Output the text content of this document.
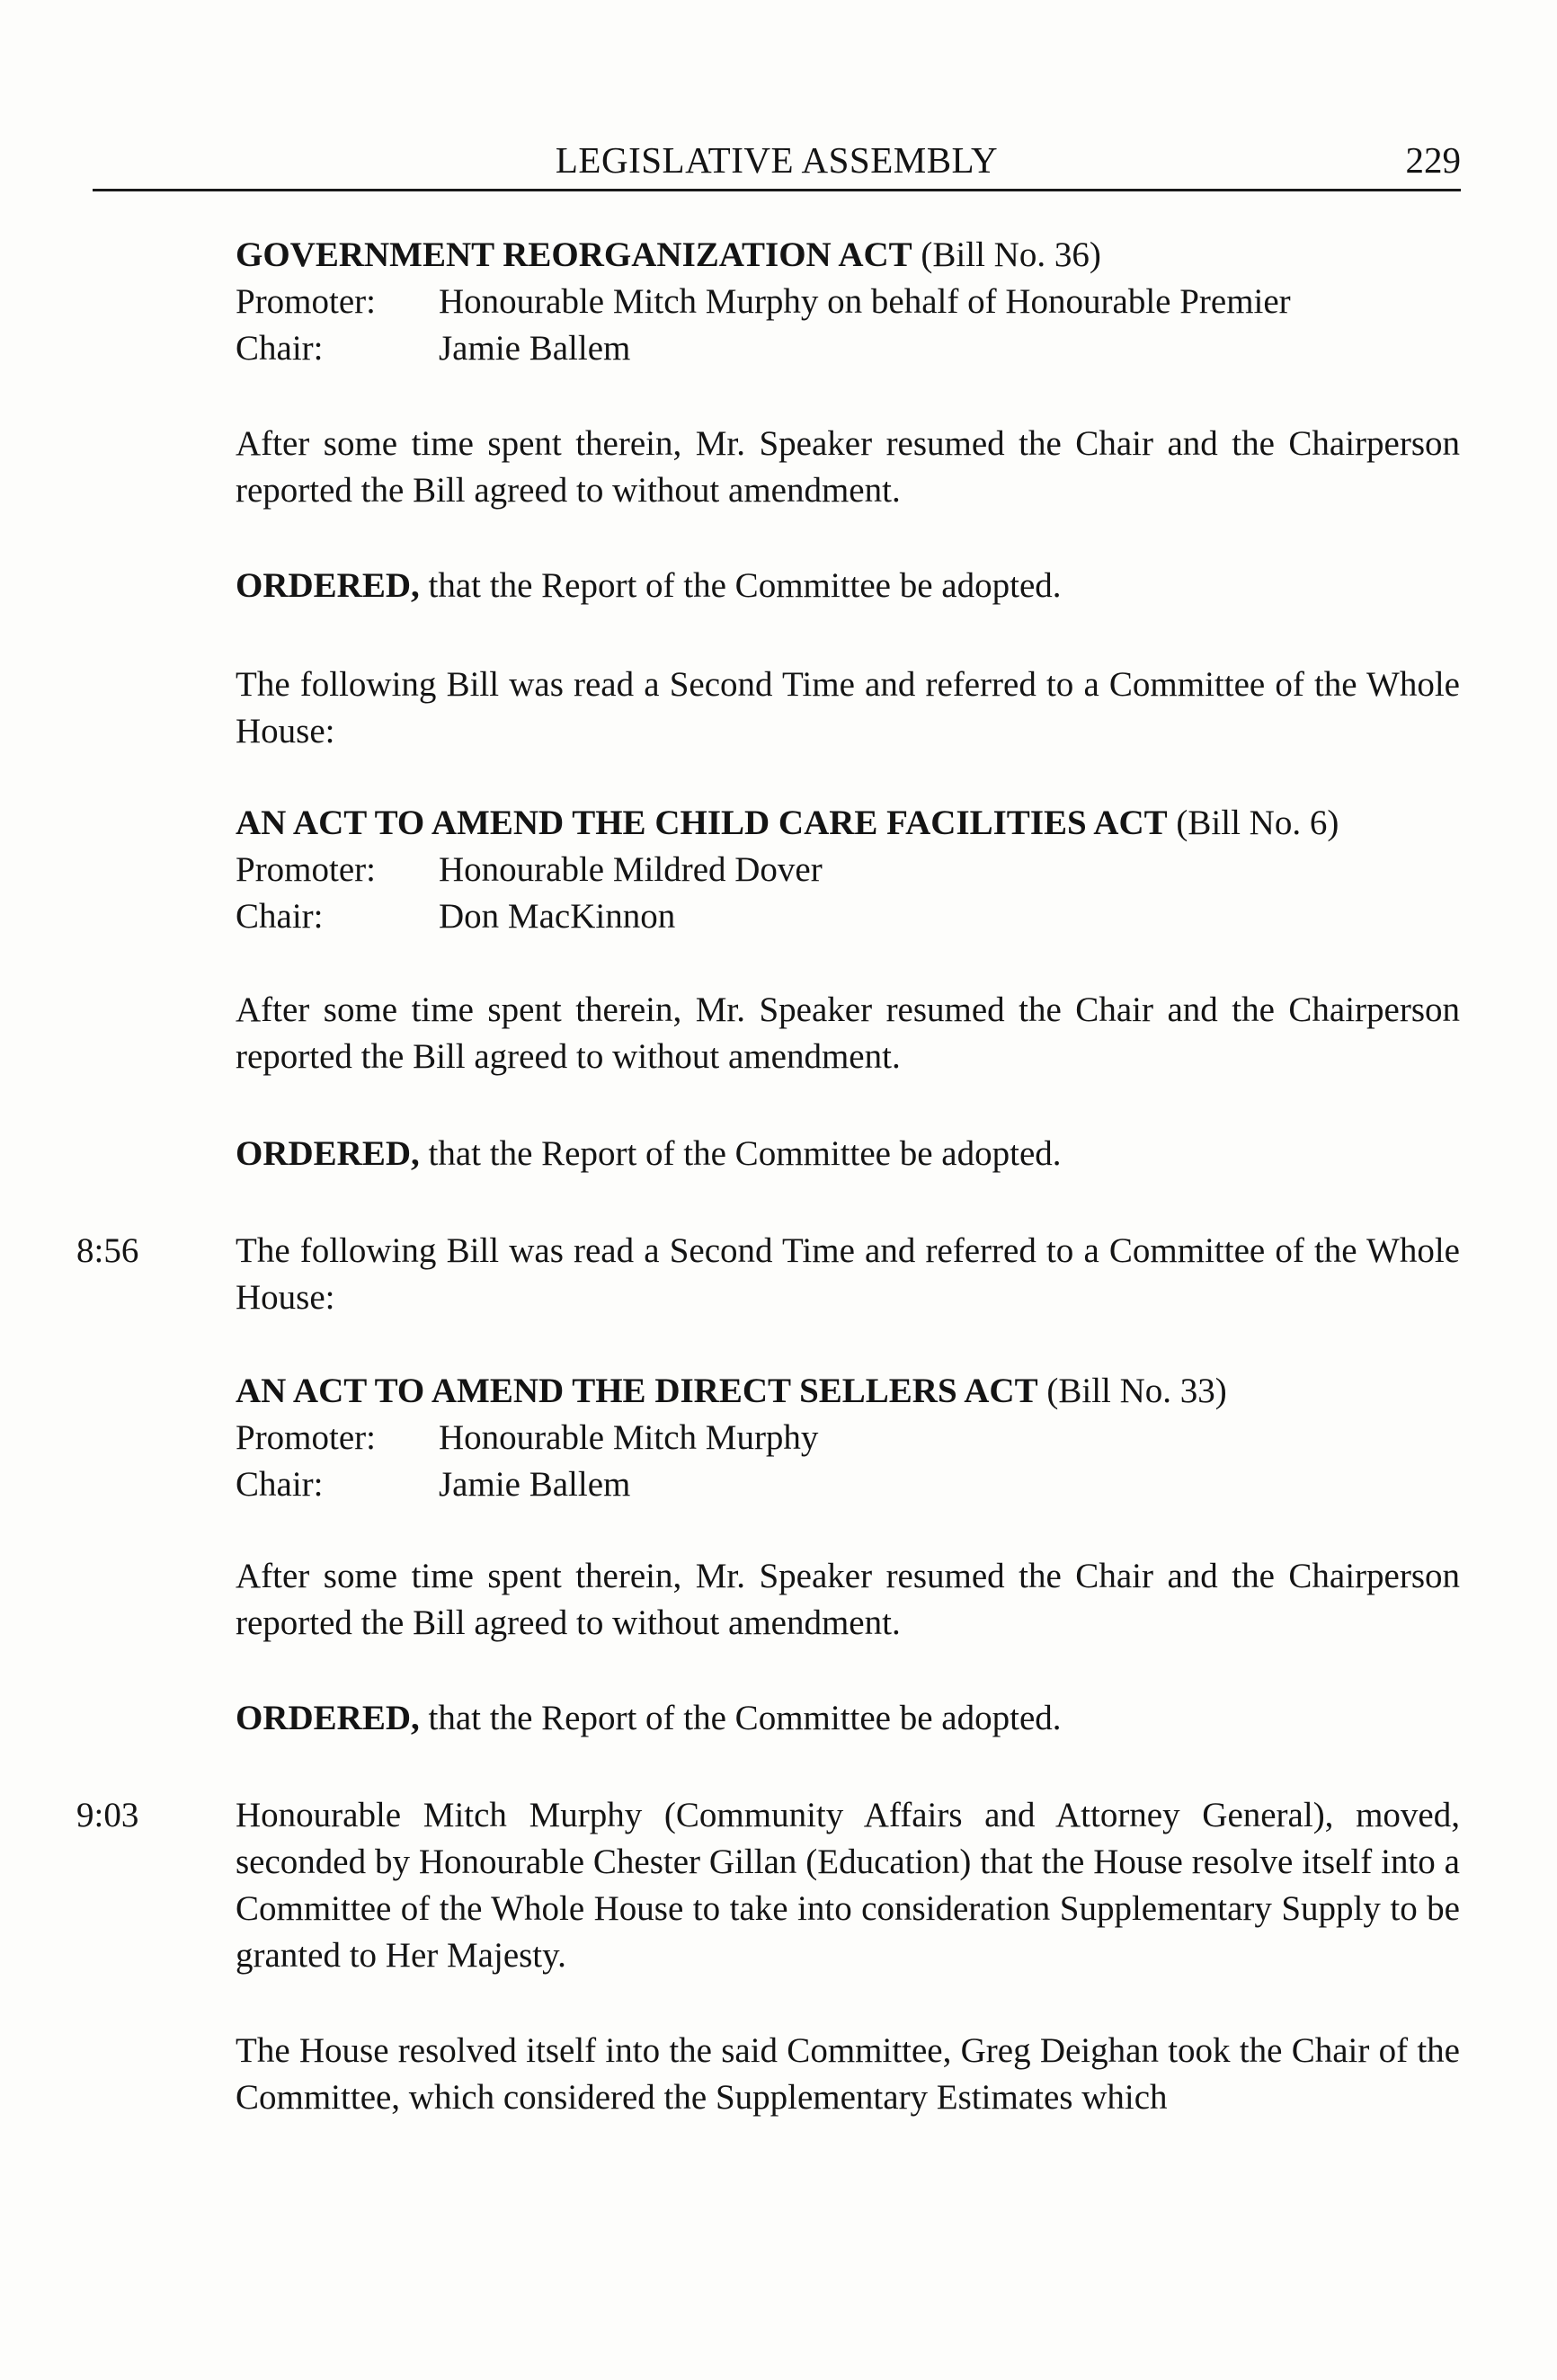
LEGISLATIVE ASSEMBLY	229
GOVERNMENT REORGANIZATION ACT (Bill No. 36)
Promoter:	Honourable Mitch Murphy on behalf of Honourable Premier
Chair:	Jamie Ballem
After some time spent therein, Mr. Speaker resumed the Chair and the Chairperson reported the Bill agreed to without amendment.
ORDERED, that the Report of the Committee be adopted.
The following Bill was read a Second Time and referred to a Committee of the Whole House:
AN ACT TO AMEND THE CHILD CARE FACILITIES ACT (Bill No. 6)
Promoter:	Honourable Mildred Dover
Chair:	Don MacKinnon
After some time spent therein, Mr. Speaker resumed the Chair and the Chairperson reported the Bill agreed to without amendment.
ORDERED, that the Report of the Committee be adopted.
8:56	The following Bill was read a Second Time and referred to a Committee of the Whole House:
AN ACT TO AMEND THE DIRECT SELLERS ACT (Bill No. 33)
Promoter:	Honourable Mitch Murphy
Chair:	Jamie Ballem
After some time spent therein, Mr. Speaker resumed the Chair and the Chairperson reported the Bill agreed to without amendment.
ORDERED, that the Report of the Committee be adopted.
9:03	Honourable Mitch Murphy (Community Affairs and Attorney General), moved, seconded by Honourable Chester Gillan (Education) that the House resolve itself into a Committee of the Whole House to take into consideration Supplementary Supply to be granted to Her Majesty.
The House resolved itself into the said Committee, Greg Deighan took the Chair of the Committee, which considered the Supplementary Estimates which
